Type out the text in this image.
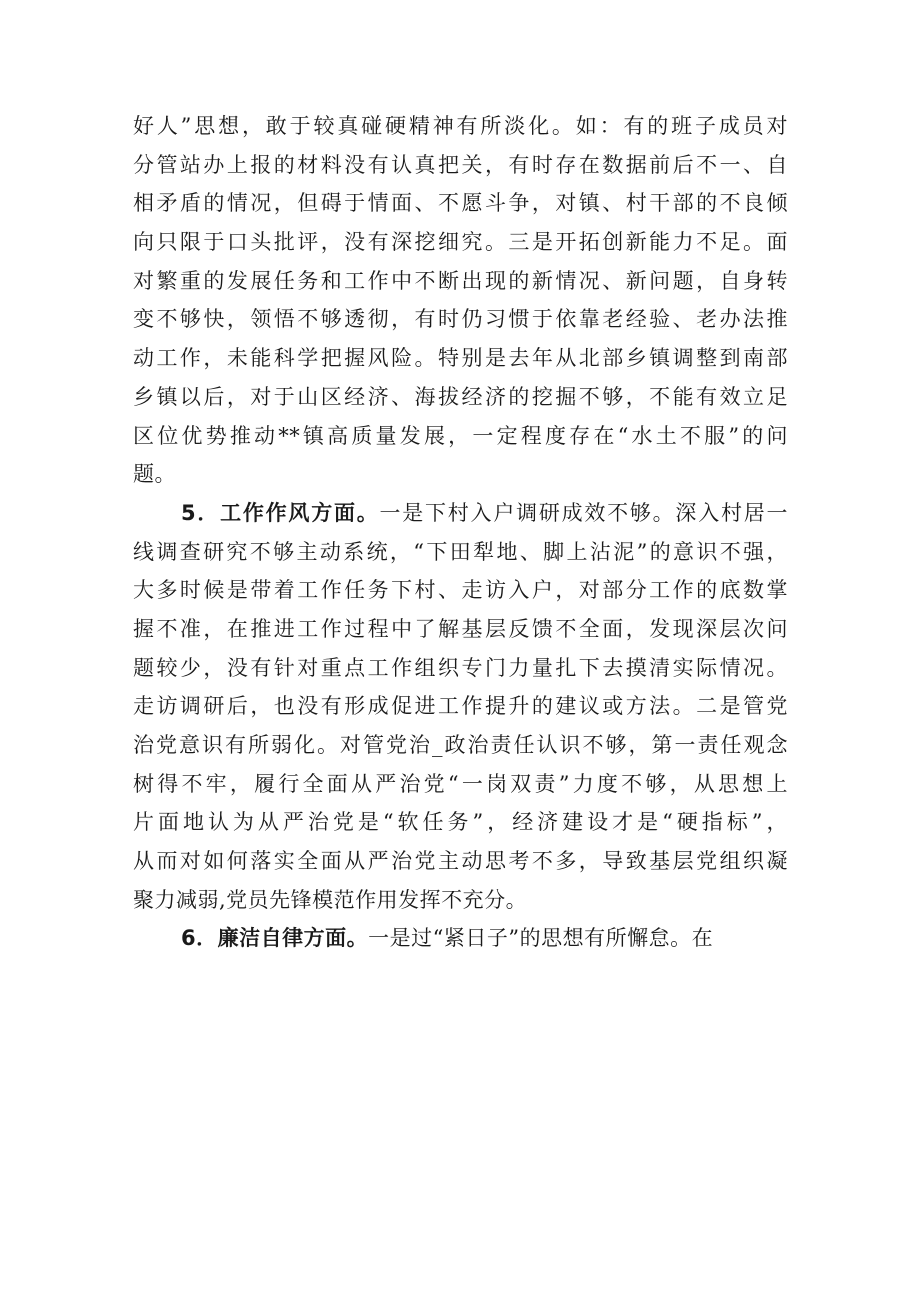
好人”思想，敢于较真碰硬精神有所淡化。如：有的班子成员对
分管站办上报的材料没有认真把关，有时存在数据前后不一、自
相矛盾的情况，但碍于情面、不愿斗争，对镇、村干部的不良倾
向只限于口头批评，没有深挖细究。三是开拓创新能力不足。面
对繁重的发展任务和工作中不断出现的新情况、新问题，自身转
变不够快，领悟不够透彻，有时仍习惯于依靠老经验、老办法推
动工作，未能科学把握风险。特别是去年从北部乡镇调整到南部
乡镇以后，对于山区经济、海拔经济的挖掘不够，不能有效立足
区位优势推动**镇高质量发展，一定程度存在“水土不服”的问
题。
5．工作作风方面。一是下村入户调研成效不够。深入村居一
线调查研究不够主动系统，“下田犁地、脚上沾泥”的意识不强，
大多时候是带着工作任务下村、走访入户，对部分工作的底数掌
握不准，在推进工作过程中了解基层反馈不全面，发现深层次问
题较少，没有针对重点工作组织专门力量扎下去摸清实际情况。
走访调研后，也没有形成促进工作提升的建议或方法。二是管党
治党意识有所弱化。对管党治_政治责任认识不够，第一责任观念
树得不牢，履行全面从严治党“一岗双责”力度不够，从思想上
片面地认为从严治党是“软任务”，经济建设才是“硬指标”，
从而对如何落实全面从严治党主动思考不多，导致基层党组织凝
聚力减弱,党员先锋模范作用发挥不充分。
6．廉洁自律方面。一是过“紧日子”的思想有所懈怠。在
